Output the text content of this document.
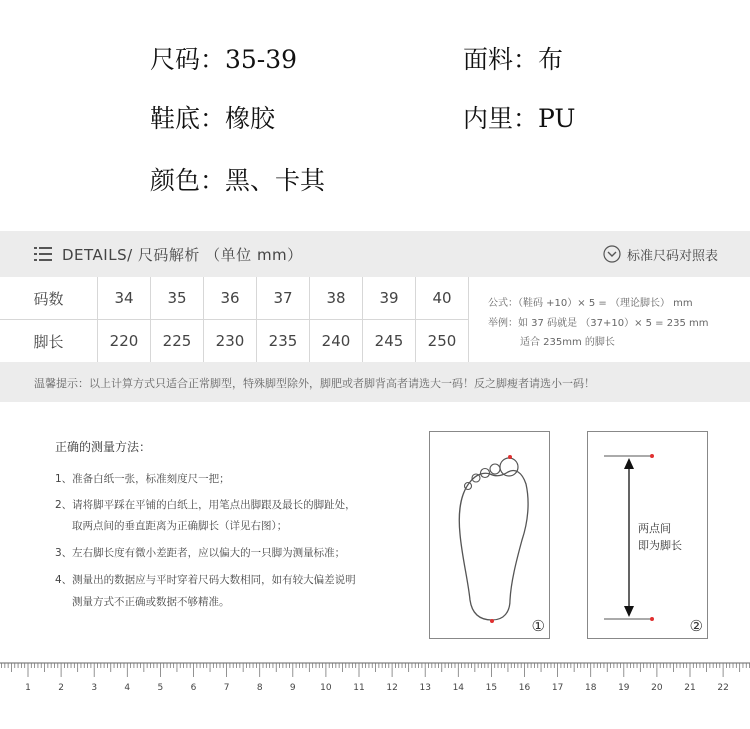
尺码：35-39	面料：布
鞋底：橡胶	内里：PU
颜色：黑、卡其
DETAILS/ 尺码解析 （单位 mm）	标准尺码对照表
码数	34	35	36	37	38	39	40
脚长	220	225	230	235	240	245	250
公式：（鞋码 +10）× 5 = （理论脚长） mm
举例：如 37 码就是 （37+10）× 5 = 235 mm
适合 235mm 的脚长
温馨提示：以上计算方式只适合正常脚型，特殊脚型除外，脚肥或者脚背高者请选大一码！反之脚瘦者请选小一码！
正确的测量方法：
1、准备白纸一张，标准刻度尺一把；
2、请将脚平踩在平铺的白纸上，用笔点出脚跟及最长的脚趾处，
取两点间的垂直距离为正确脚长（详见右图）；
3、左右脚长度有微小差距者，应以偏大的一只脚为测量标准；
4、测量出的数据应与平时穿着尺码大数相同，如有较大偏差说明
测量方式不正确或数据不够精准。
①
两点间
即为脚长
②
1	2	3	4	5	6	7	8	9	10 11 12 13 14 15 16 17 18 19 20 21 22
